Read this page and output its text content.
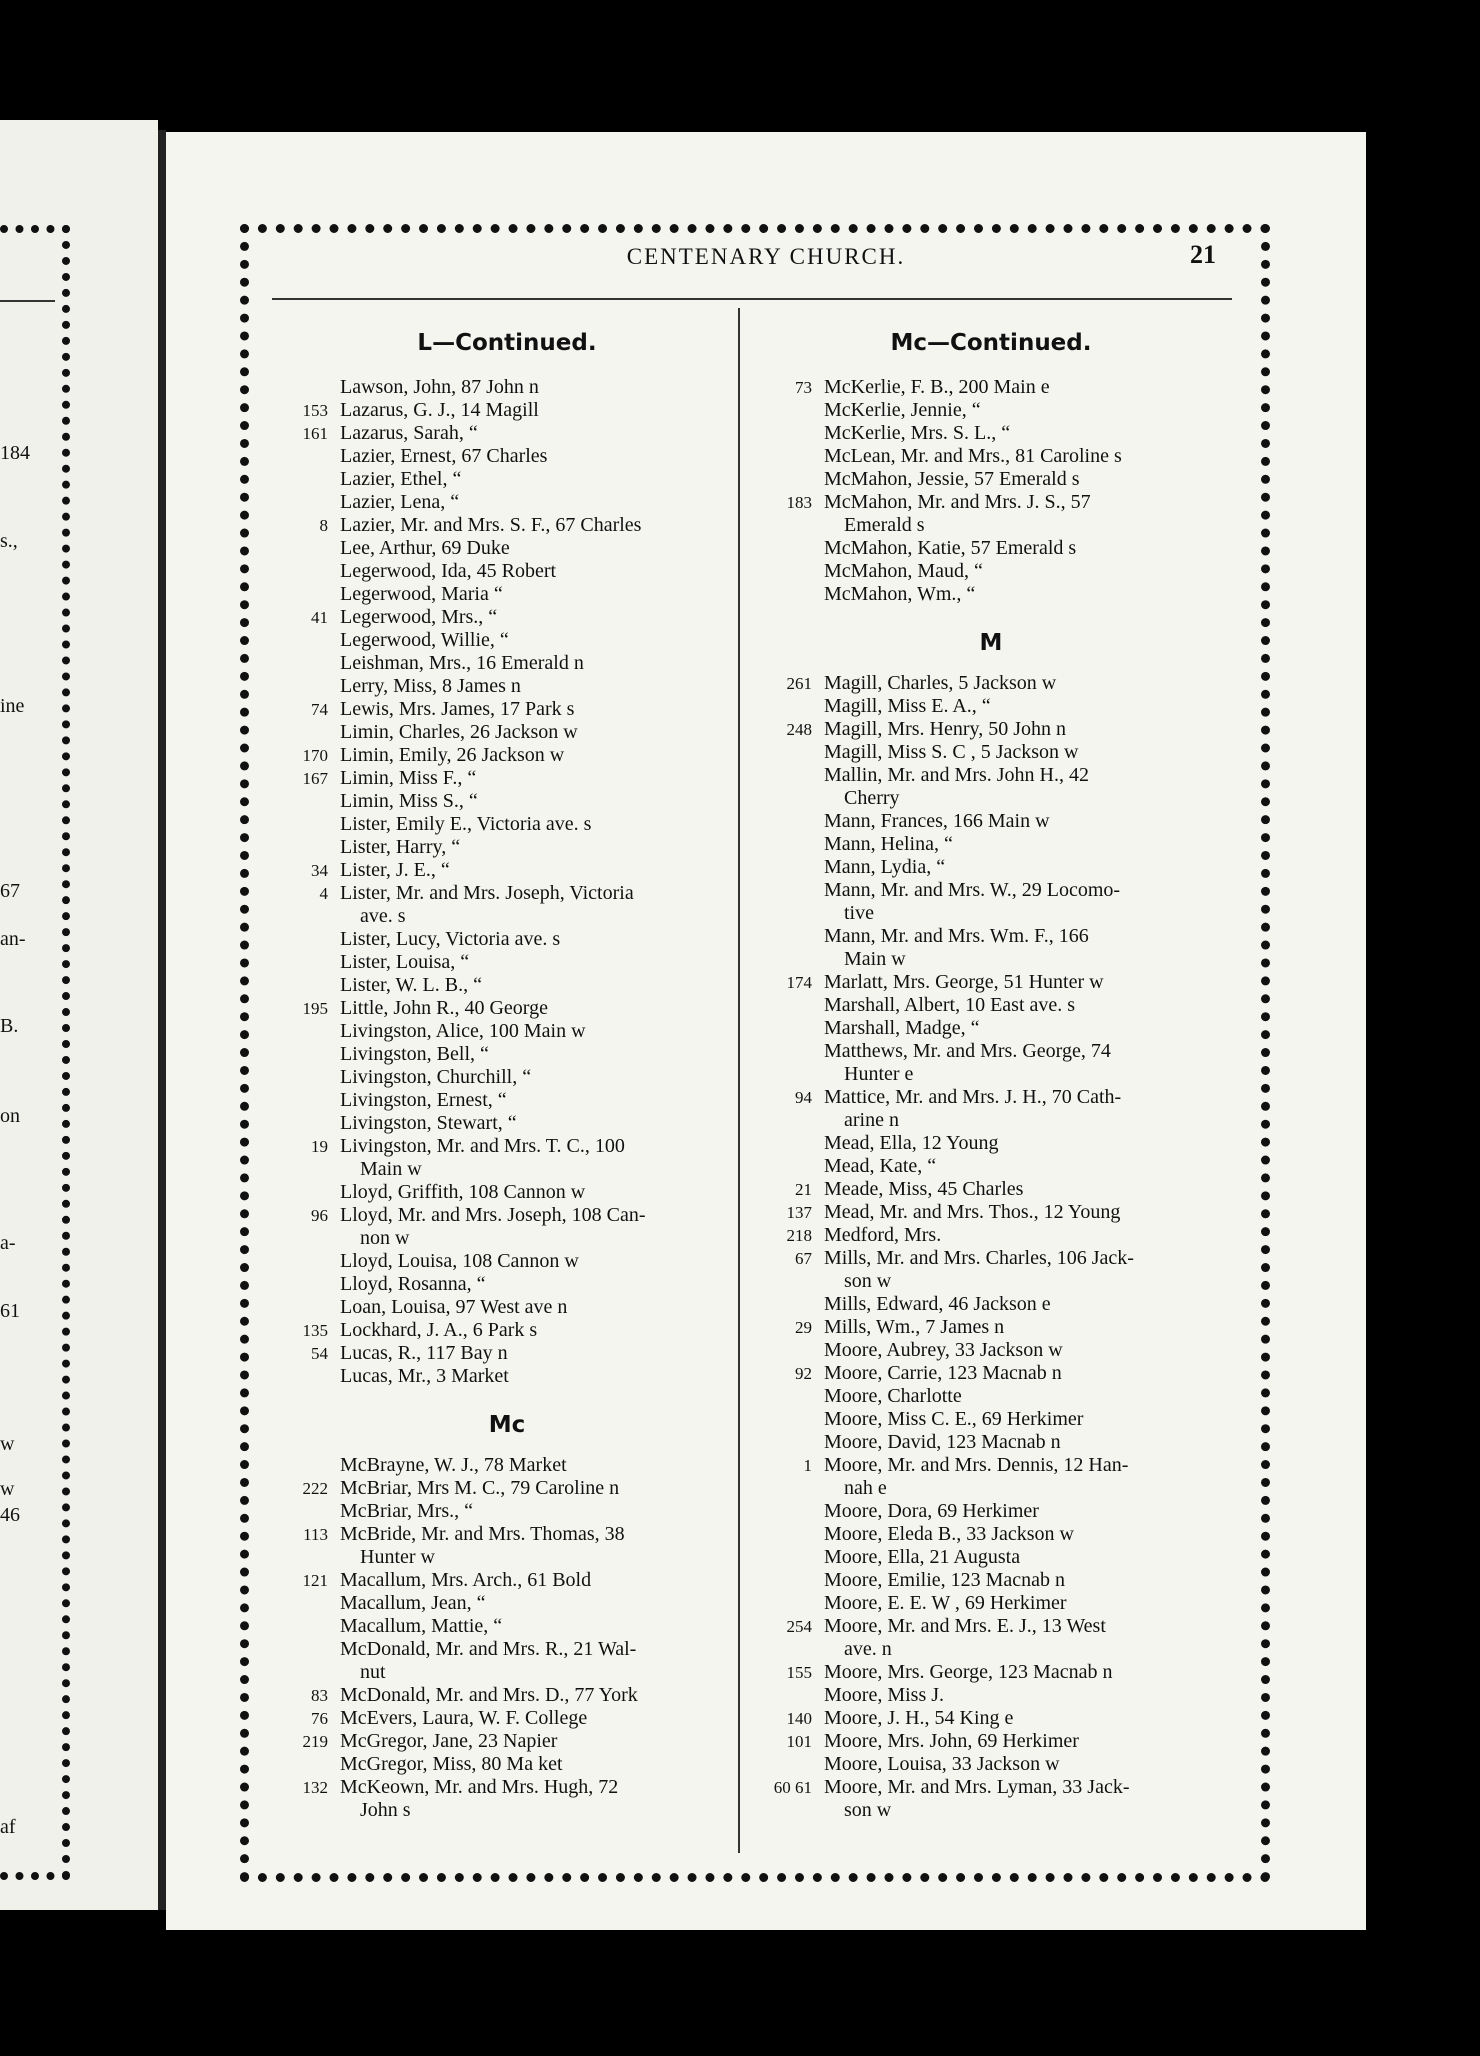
184
s.,
ine
67
an-
B.
on
a-
61
w
w
46
af
CENTENARY CHURCH.	21
L—Continued.
Lawson, John, 87 John n
153 Lazarus, G. J., 14 Magill
161 Lazarus, Sarah, “
Lazier, Ernest, 67 Charles
Lazier, Ethel, “
Lazier, Lena, “
8 Lazier, Mr. and Mrs. S. F., 67 Charles
Lee, Arthur, 69 Duke
Legerwood, Ida, 45 Robert
Legerwood, Maria “
41 Legerwood, Mrs., “
Legerwood, Willie, “
Leishman, Mrs., 16 Emerald n
Lerry, Miss, 8 James n
74 Lewis, Mrs. James, 17 Park s
Limin, Charles, 26 Jackson w
170 Limin, Emily, 26 Jackson w
167 Limin, Miss F., “
Limin, Miss S., “
Lister, Emily E., Victoria ave. s
Lister, Harry, “
34 Lister, J. E., “
4 Lister, Mr. and Mrs. Joseph, Victoria
ave. s
Lister, Lucy, Victoria ave. s
Lister, Louisa, “
Lister, W. L. B., “
195 Little, John R., 40 George
Livingston, Alice, 100 Main w
Livingston, Bell, “
Livingston, Churchill, “
Livingston, Ernest, “
Livingston, Stewart, “
19 Livingston, Mr. and Mrs. T. C., 100
Main w
Lloyd, Griffith, 108 Cannon w
96 Lloyd, Mr. and Mrs. Joseph, 108 Can-
non w
Lloyd, Louisa, 108 Cannon w
Lloyd, Rosanna, “
Loan, Louisa, 97 West ave n
135 Lockhard, J. A., 6 Park s
54 Lucas, R., 117 Bay n
Lucas, Mr., 3 Market
Mc
McBrayne, W. J., 78 Market
222 McBriar, Mrs M. C., 79 Caroline n
McBriar, Mrs., “
113 McBride, Mr. and Mrs. Thomas, 38
Hunter w
121 Macallum, Mrs. Arch., 61 Bold
Macallum, Jean, “
Macallum, Mattie, “
McDonald, Mr. and Mrs. R., 21 Wal-
nut
83 McDonald, Mr. and Mrs. D., 77 York
76 McEvers, Laura, W. F. College
219 McGregor, Jane, 23 Napier
McGregor, Miss, 80 Ma ket
132 McKeown, Mr. and Mrs. Hugh, 72
John s
Mc—Continued.
73 McKerlie, F. B., 200 Main e
McKerlie, Jennie, “
McKerlie, Mrs. S. L., “
McLean, Mr. and Mrs., 81 Caroline s
McMahon, Jessie, 57 Emerald s
183 McMahon, Mr. and Mrs. J. S., 57
Emerald s
McMahon, Katie, 57 Emerald s
McMahon, Maud, “
McMahon, Wm., “
M
261 Magill, Charles, 5 Jackson w
Magill, Miss E. A., “
248 Magill, Mrs. Henry, 50 John n
Magill, Miss S. C , 5 Jackson w
Mallin, Mr. and Mrs. John H., 42
Cherry
Mann, Frances, 166 Main w
Mann, Helina, “
Mann, Lydia, “
Mann, Mr. and Mrs. W., 29 Locomo-
tive
Mann, Mr. and Mrs. Wm. F., 166
Main w
174 Marlatt, Mrs. George, 51 Hunter w
Marshall, Albert, 10 East ave. s
Marshall, Madge, “
Matthews, Mr. and Mrs. George, 74
Hunter e
94 Mattice, Mr. and Mrs. J. H., 70 Cath-
arine n
Mead, Ella, 12 Young
Mead, Kate, “
21 Meade, Miss, 45 Charles
137 Mead, Mr. and Mrs. Thos., 12 Young
218 Medford, Mrs.
67 Mills, Mr. and Mrs. Charles, 106 Jack-
son w
Mills, Edward, 46 Jackson e
29 Mills, Wm., 7 James n
Moore, Aubrey, 33 Jackson w
92 Moore, Carrie, 123 Macnab n
Moore, Charlotte
Moore, Miss C. E., 69 Herkimer
Moore, David, 123 Macnab n
1 Moore, Mr. and Mrs. Dennis, 12 Han-
nah e
Moore, Dora, 69 Herkimer
Moore, Eleda B., 33 Jackson w
Moore, Ella, 21 Augusta
Moore, Emilie, 123 Macnab n
Moore, E. E. W , 69 Herkimer
254 Moore, Mr. and Mrs. E. J., 13 West
ave. n
155 Moore, Mrs. George, 123 Macnab n
Moore, Miss J.
140 Moore, J. H., 54 King e
101 Moore, Mrs. John, 69 Herkimer
Moore, Louisa, 33 Jackson w
60 61 Moore, Mr. and Mrs. Lyman, 33 Jack-
son w
